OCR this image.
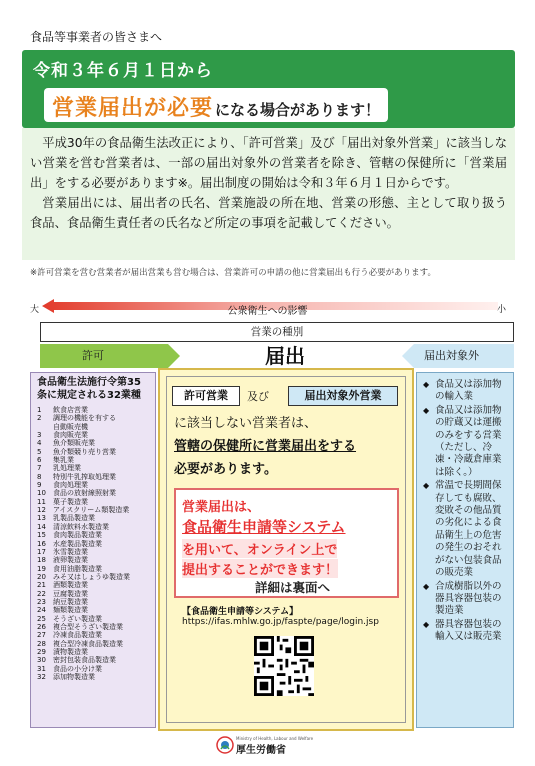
食品等事業者の皆さまへ
令和３年６月１日から
営業届出が必要 になる場合があります！

平成30年の食品衛生法改正により、「許可営業」及び「届出対象外営業」に該当しない営業を営む営業者は、一部の届出対象外の営業者を除き、管轄の保健所に「営業届出」をする必要があります※。届出制度の開始は令和３年６月１日からです。

営業届出には、届出者の氏名、営業施設の所在地、営業の形態、主として取り扱う食品、食品衛生責任者の氏名など所定の事項を記載してください。

※許可営業を営む営業者が届出営業も営む場合は、営業許可の申請の他に営業届出も行う必要があります。
大	小
公衆衛生への影響
営業の種別
許可	届出	届出対象外
食品衛生法施行令第35条に規定される32業種
1	飲食店営業
2	調理の機能を有する
自動販売機
3	食肉販売業
4	魚介類販売業
5	魚介類競り売り営業
6	集乳業
7	乳処理業
8	特別牛乳搾取処理業
9	食肉処理業
10	食品の放射線照射業
11	菓子製造業
12	アイスクリーム類製造業
13	乳製品製造業
14	清涼飲料水製造業
15	食肉製品製造業
16	水産製品製造業
17	氷雪製造業
18	液卵製造業
19	食用油脂製造業
20	みそ又はしょうゆ製造業
21	酒類製造業
22	豆腐製造業
23	納豆製造業
24	麺類製造業
25	そうざい製造業
26	複合型そうざい製造業
27	冷凍食品製造業
28	複合型冷凍食品製造業
29	漬物製造業
30	密封包装食品製造業
31	食品の小分け業
32	添加物製造業
許可営業	及び	届出対象外営業
に該当しない営業者は、
管轄の保健所に営業届出をする
必要があります。
営業届出は、
食品衛生申請等システム
を用いて、オンライン上で
提出することができます！
詳細は裏面へ
【食品衛生申請等システム】
https://ifas.mhlw.go.jp/faspte/page/login.jsp
◆ 食品又は添加物の輸入業
◆ 食品又は添加物の貯蔵又は運搬のみをする営業（ただし、冷凍・冷蔵倉庫業は除く。）
◆ 常温で長期間保存しても腐敗、変敗その他品質の劣化による食品衛生上の危害の発生のおそれがない包装食品の販売業
◆ 合成樹脂以外の器具容器包装の製造業
◆ 器具容器包装の輸入又は販売業
Ministry of Health, Labour and Welfare
厚生労働省
